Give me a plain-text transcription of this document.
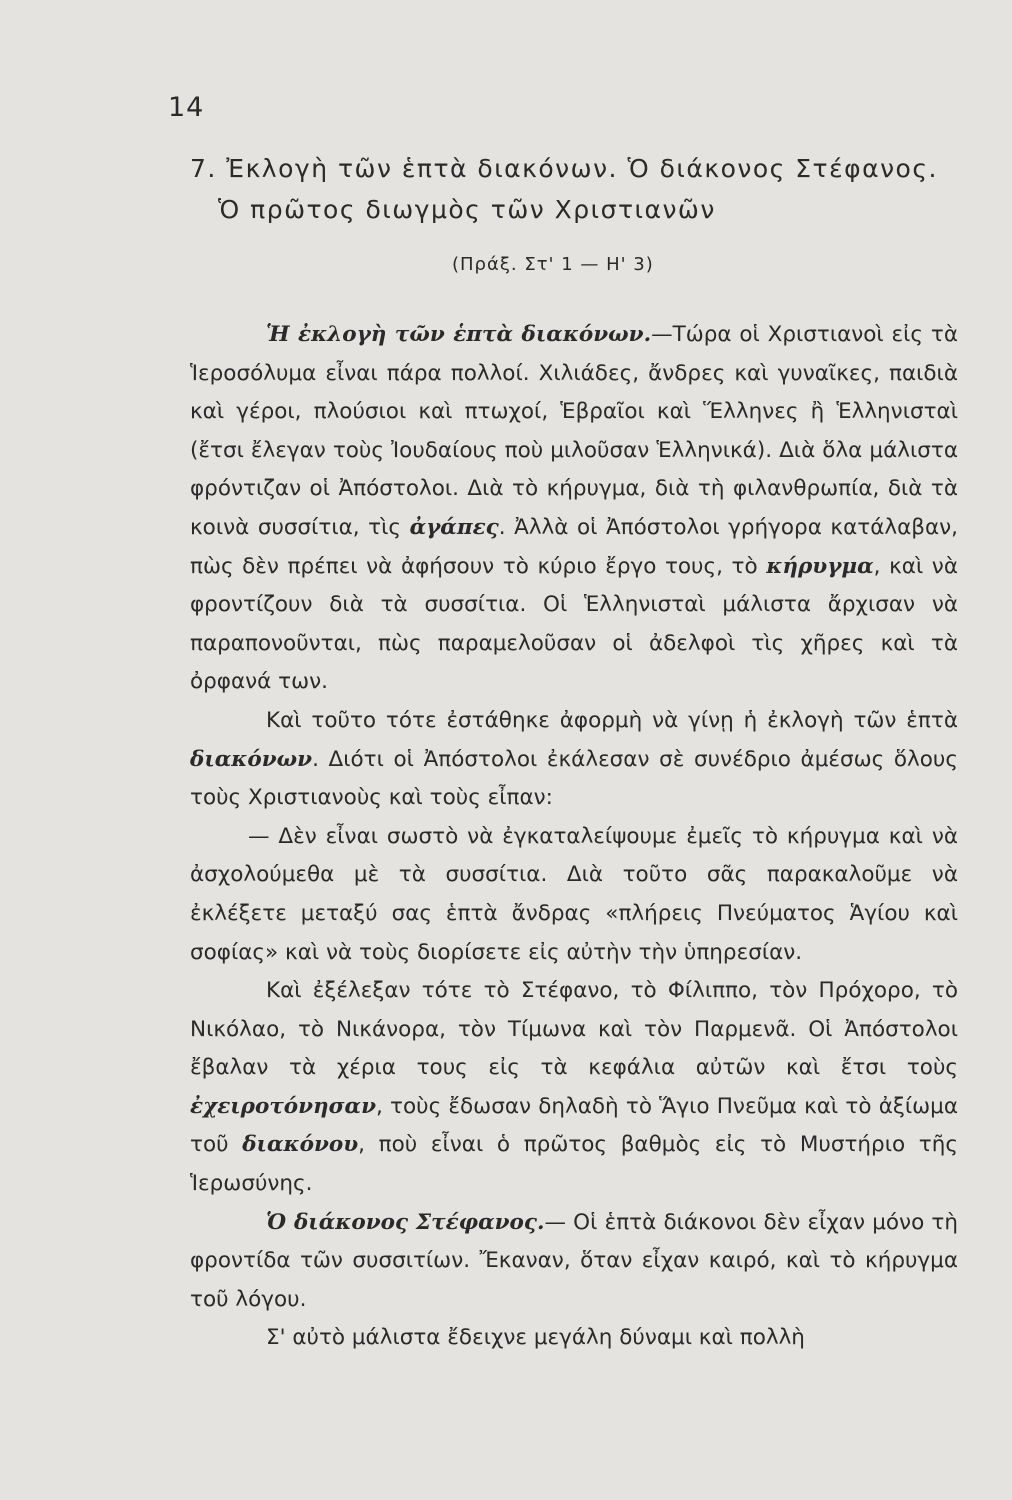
14
7. Ἐκλογὴ τῶν ἑπτὰ διακόνων. Ὁ διάκονος Στέφανος.
Ὁ πρῶτος διωγμὸς τῶν Χριστιανῶν
(Πράξ. Στ' 1 — Η' 3)

Ἡ ἐκλογὴ τῶν ἑπτὰ διακόνων.—Τώρα οἱ Χριστιανοὶ εἰς τὰ Ἱεροσόλυμα εἶναι πάρα πολλοί. Χιλιάδες, ἄνδρες καὶ γυναῖκες, παιδιὰ καὶ γέροι, πλούσιοι καὶ πτωχοί, Ἑβραῖοι καὶ Ἕλληνες ἢ Ἑλληνισταὶ (ἔτσι ἔλεγαν τοὺς Ἰουδαίους ποὺ μιλοῦσαν Ἑλληνικά). Διὰ ὅλα μάλιστα φρόντιζαν οἱ Ἀπόστολοι. Διὰ τὸ κήρυγμα, διὰ τὴ φιλανθρωπία, διὰ τὰ κοινὰ συσσίτια, τὶς ἀγάπες. Ἀλλὰ οἱ Ἀπόστολοι γρήγορα κατάλαβαν, πὼς δὲν πρέπει νὰ ἀφήσουν τὸ κύριο ἔργο τους, τὸ κήρυγμα, καὶ νὰ φροντίζουν διὰ τὰ συσσίτια. Οἱ Ἑλληνισταὶ μάλιστα ἄρχισαν νὰ παραπονοῦνται, πὼς παραμελοῦσαν οἱ ἀδελφοὶ τὶς χῆρες καὶ τὰ ὀρφανά των.

Καὶ τοῦτο τότε ἐστάθηκε ἀφορμὴ νὰ γίνῃ ἡ ἐκλογὴ τῶν ἑπτὰ διακόνων. Διότι οἱ Ἀπόστολοι ἐκάλεσαν σὲ συνέδριο ἀμέσως ὅλους τοὺς Χριστιανοὺς καὶ τοὺς εἶπαν:

— Δὲν εἶναι σωστὸ νὰ ἐγκαταλείψουμε ἐμεῖς τὸ κήρυγμα καὶ νὰ ἀσχολούμεθα μὲ τὰ συσσίτια. Διὰ τοῦτο σᾶς παρακαλοῦμε νὰ ἐκλέξετε μεταξύ σας ἑπτὰ ἄνδρας «πλήρεις Πνεύματος Ἁγίου καὶ σοφίας» καὶ νὰ τοὺς διορίσετε εἰς αὐτὴν τὴν ὑπηρεσίαν.

Καὶ ἐξέλεξαν τότε τὸ Στέφανο, τὸ Φίλιππο, τὸν Πρόχορο, τὸ Νικόλαο, τὸ Νικάνορα, τὸν Τίμωνα καὶ τὸν Παρμενᾶ. Οἱ Ἀπόστολοι ἔβαλαν τὰ χέρια τους εἰς τὰ κεφάλια αὐτῶν καὶ ἔτσι τοὺς ἐχειροτόνησαν, τοὺς ἔδωσαν δηλαδὴ τὸ Ἅγιο Πνεῦμα καὶ τὸ ἀξίωμα τοῦ διακόνου, ποὺ εἶναι ὁ πρῶτος βαθμὸς εἰς τὸ Μυστήριο τῆς Ἱερωσύνης.

Ὁ διάκονος Στέφανος.— Οἱ ἑπτὰ διάκονοι δὲν εἶχαν μόνο τὴ φροντίδα τῶν συσσιτίων. Ἔκαναν, ὅταν εἶχαν καιρό, καὶ τὸ κήρυγμα τοῦ λόγου.

Σ' αὐτὸ μάλιστα ἔδειχνε μεγάλη δύναμι καὶ πολλὴ
